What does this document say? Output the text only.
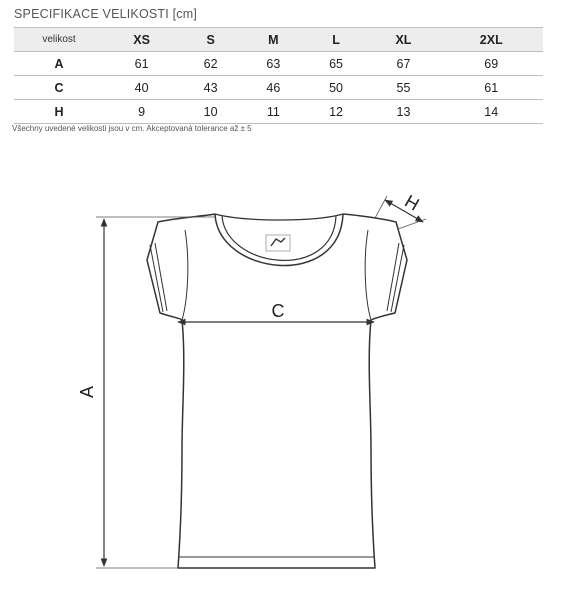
SPECIFIKACE VELIKOSTI [cm]
velikost	XS	S	M	L	XL	2XL
A	61	62	63	65	67	69
C	40	43	46	50	55	61
H	9	10	11	12	13	14
Všechny uvedené velikosti jsou v cm. Akceptovaná tolerance až ± 5
A
C
H
